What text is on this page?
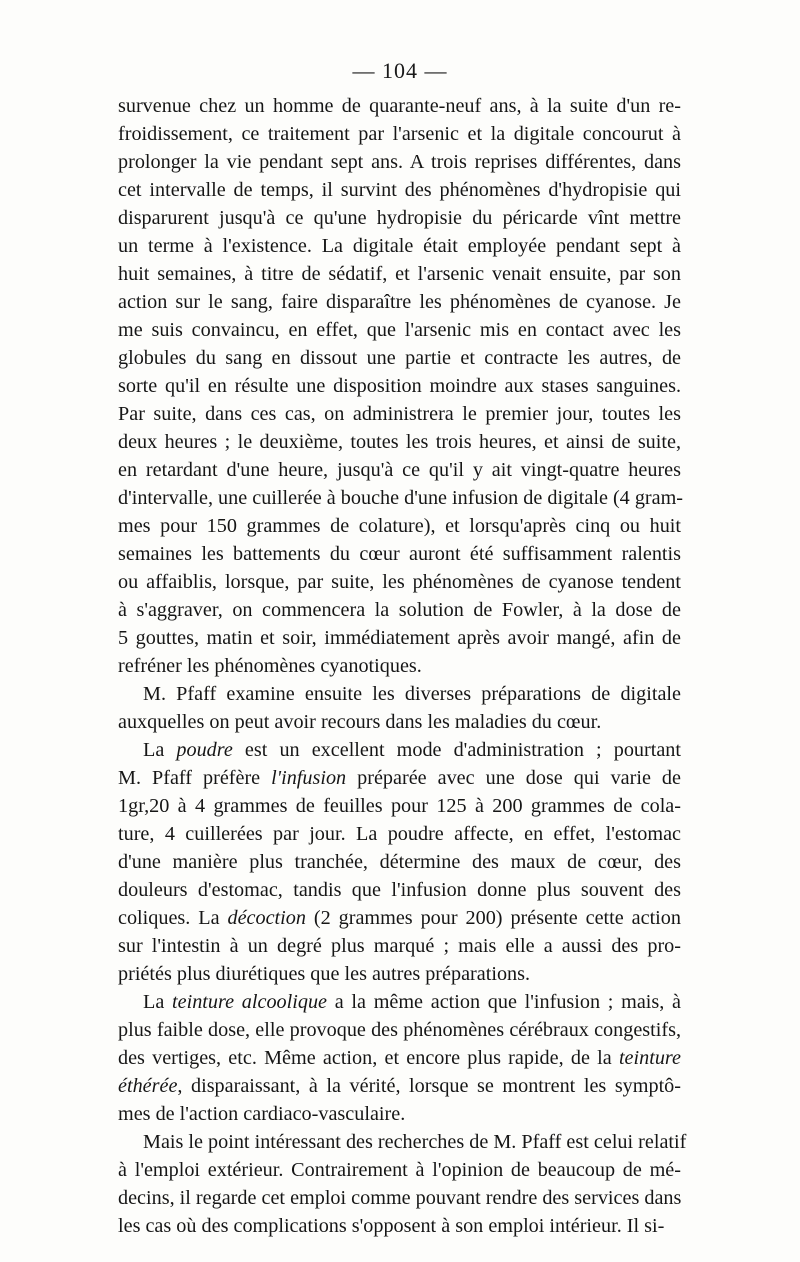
— 104 —
survenue chez un homme de quarante-neuf ans, à la suite d'un re-
froidissement, ce traitement par l'arsenic et la digitale concourut à
prolonger la vie pendant sept ans. A trois reprises différentes, dans
cet intervalle de temps, il survint des phénomènes d'hydropisie qui
disparurent jusqu'à ce qu'une hydropisie du péricarde vînt mettre
un terme à l'existence. La digitale était employée pendant sept à
huit semaines, à titre de sédatif, et l'arsenic venait ensuite, par son
action sur le sang, faire disparaître les phénomènes de cyanose. Je
me suis convaincu, en effet, que l'arsenic mis en contact avec les
globules du sang en dissout une partie et contracte les autres, de
sorte qu'il en résulte une disposition moindre aux stases sanguines.
Par suite, dans ces cas, on administrera le premier jour, toutes les
deux heures ; le deuxième, toutes les trois heures, et ainsi de suite,
en retardant d'une heure, jusqu'à ce qu'il y ait vingt-quatre heures
d'intervalle, une cuillerée à bouche d'une infusion de digitale (4 gram-
mes pour 150 grammes de colature), et lorsqu'après cinq ou huit
semaines les battements du cœur auront été suffisamment ralentis
ou affaiblis, lorsque, par suite, les phénomènes de cyanose tendent
à s'aggraver, on commencera la solution de Fowler, à la dose de
5 gouttes, matin et soir, immédiatement après avoir mangé, afin de
refréner les phénomènes cyanotiques.
M. Pfaff examine ensuite les diverses préparations de digitale
auxquelles on peut avoir recours dans les maladies du cœur.
La poudre est un excellent mode d'administration ; pourtant
M. Pfaff préfère l'infusion préparée avec une dose qui varie de
1gr,20 à 4 grammes de feuilles pour 125 à 200 grammes de cola-
ture, 4 cuillerées par jour. La poudre affecte, en effet, l'estomac
d'une manière plus tranchée, détermine des maux de cœur, des
douleurs d'estomac, tandis que l'infusion donne plus souvent des
coliques. La décoction (2 grammes pour 200) présente cette action
sur l'intestin à un degré plus marqué ; mais elle a aussi des pro-
priétés plus diurétiques que les autres préparations.
La teinture alcoolique a la même action que l'infusion ; mais, à
plus faible dose, elle provoque des phénomènes cérébraux congestifs,
des vertiges, etc. Même action, et encore plus rapide, de la teinture
éthérée, disparaissant, à la vérité, lorsque se montrent les symptô-
mes de l'action cardiaco-vasculaire.
Mais le point intéressant des recherches de M. Pfaff est celui relatif
à l'emploi extérieur. Contrairement à l'opinion de beaucoup de mé-
decins, il regarde cet emploi comme pouvant rendre des services dans
les cas où des complications s'opposent à son emploi intérieur. Il si-
